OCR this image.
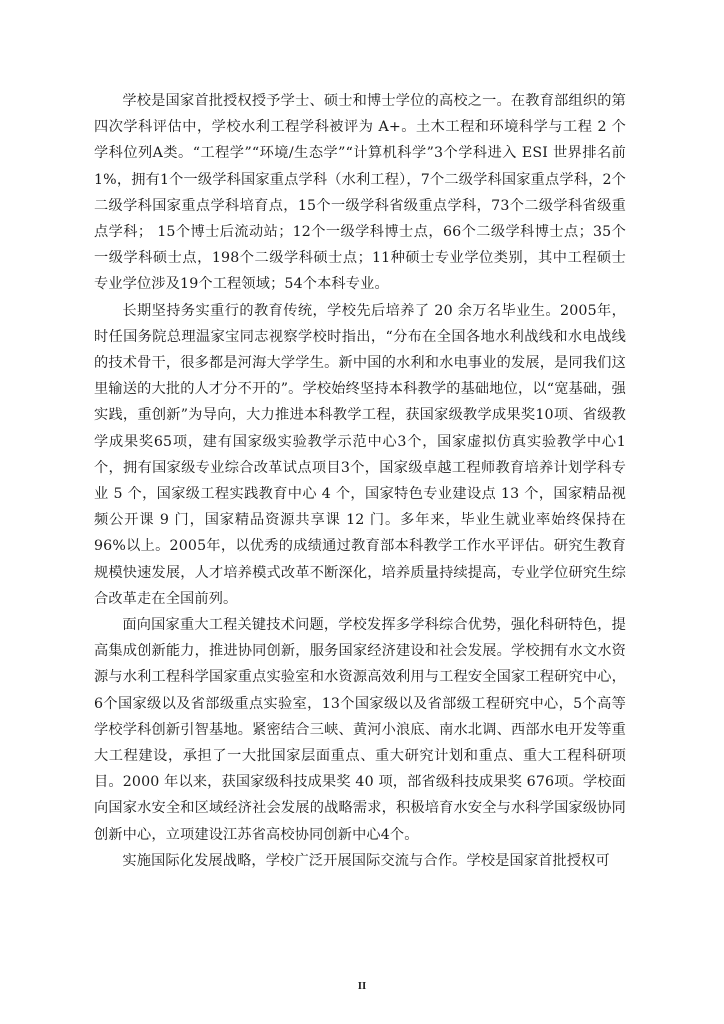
学校是国家首批授权授予学士、硕士和博士学位的高校之一。在教育部组织的第四次学科评估中，学校水利工程学科被评为 A+。土木工程和环境科学与工程 2 个学科位列A类。“工程学”“环境/生态学”“计算机科学”3个学科进入 ESI 世界排名前 1%，拥有1个一级学科国家重点学科（水利工程），7个二级学科国家重点学科，2个二级学科国家重点学科培育点，15个一级学科省级重点学科，73个二级学科省级重点学科； 15个博士后流动站；12个一级学科博士点，66个二级学科博士点；35个一级学科硕士点，198个二级学科硕士点；11种硕士专业学位类别，其中工程硕士专业学位涉及19个工程领域；54个本科专业。

长期坚持务实重行的教育传统，学校先后培养了 20 余万名毕业生。2005年，时任国务院总理温家宝同志视察学校时指出，“分布在全国各地水利战线和水电战线的技术骨干，很多都是河海大学学生。新中国的水利和水电事业的发展，是同我们这里输送的大批的人才分不开的”。学校始终坚持本科教学的基础地位，以“宽基础，强实践，重创新”为导向，大力推进本科教学工程，获国家级教学成果奖10项、省级教学成果奖65项，建有国家级实验教学示范中心3个，国家虚拟仿真实验教学中心1个，拥有国家级专业综合改革试点项目3个，国家级卓越工程师教育培养计划学科专业 5 个，国家级工程实践教育中心 4 个，国家特色专业建设点 13 个，国家精品视频公开课 9 门，国家精品资源共享课 12 门。多年来，毕业生就业率始终保持在96%以上。2005年，以优秀的成绩通过教育部本科教学工作水平评估。研究生教育规模快速发展，人才培养模式改革不断深化，培养质量持续提高，专业学位研究生综合改革走在全国前列。

面向国家重大工程关键技术问题，学校发挥多学科综合优势，强化科研特色，提高集成创新能力，推进协同创新，服务国家经济建设和社会发展。学校拥有水文水资源与水利工程科学国家重点实验室和水资源高效利用与工程安全国家工程研究中心，6个国家级以及省部级重点实验室，13个国家级以及省部级工程研究中心，5个高等学校学科创新引智基地。紧密结合三峡、黄河小浪底、南水北调、西部水电开发等重大工程建设，承担了一大批国家层面重点、重大研究计划和重点、重大工程科研项目。2000 年以来，获国家级科技成果奖 40 项，部省级科技成果奖 676项。学校面向国家水安全和区域经济社会发展的战略需求，积极培育水安全与水科学国家级协同创新中心，立项建设江苏省高校协同创新中心4个。

实施国际化发展战略，学校广泛开展国际交流与合作。学校是国家首批授权可

II
